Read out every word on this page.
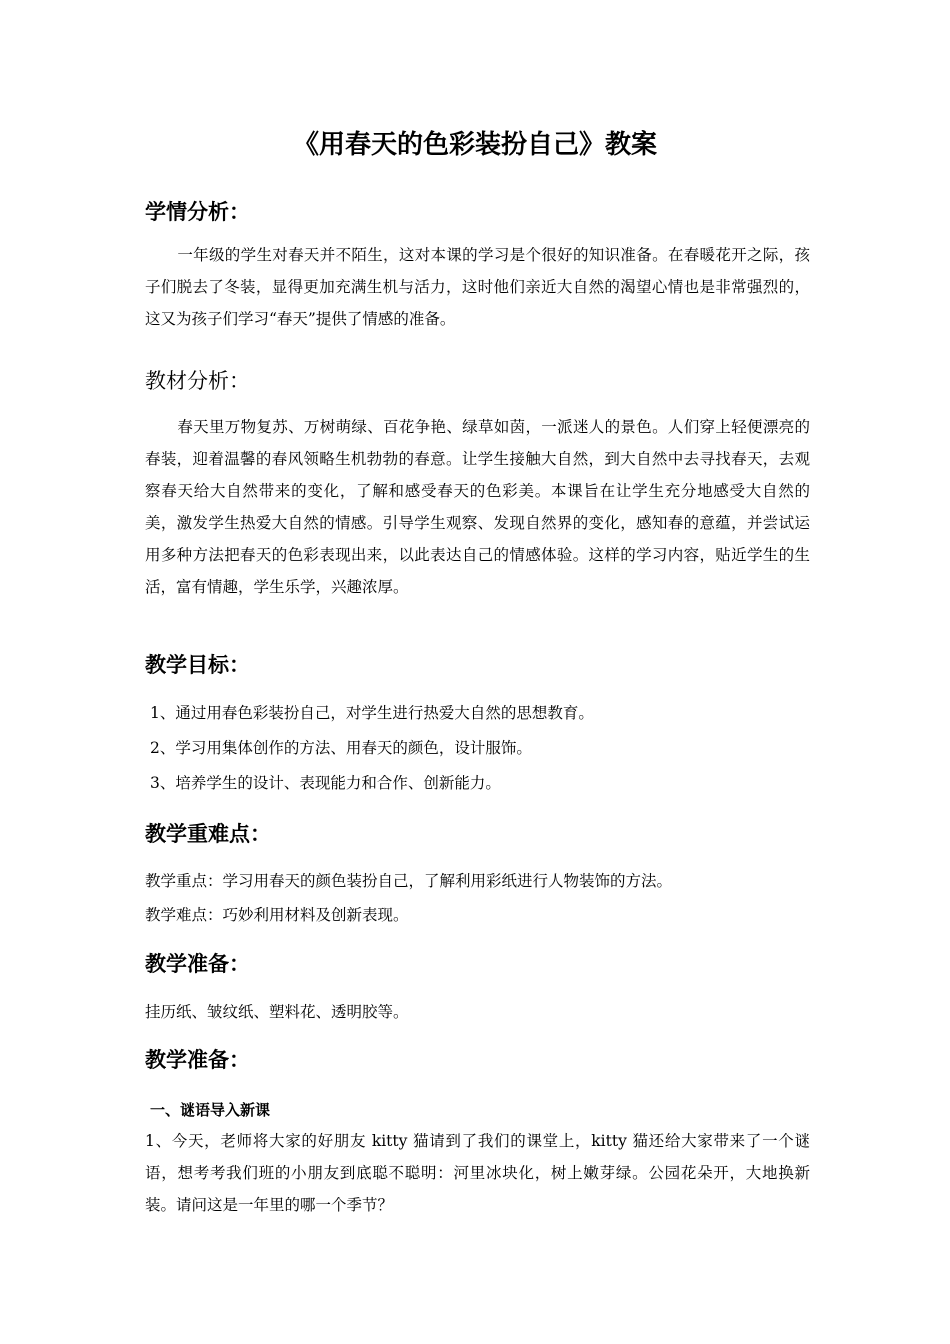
《用春天的色彩装扮自己》教案
学情分析：
一年级的学生对春天并不陌生，这对本课的学习是个很好的知识准备。在春暖花开之际，孩子们脱去了冬装，显得更加充满生机与活力，这时他们亲近大自然的渴望心情也是非常强烈的，这又为孩子们学习“春天”提供了情感的准备。
教材分析：
春天里万物复苏、万树萌绿、百花争艳、绿草如茵，一派迷人的景色。人们穿上轻便漂亮的春装，迎着温馨的春风领略生机勃勃的春意。让学生接触大自然，到大自然中去寻找春天，去观察春天给大自然带来的变化，了解和感受春天的色彩美。本课旨在让学生充分地感受大自然的美，激发学生热爱大自然的情感。引导学生观察、发现自然界的变化，感知春的意蕴，并尝试运用多种方法把春天的色彩表现出来，以此表达自己的情感体验。这样的学习内容，贴近学生的生活，富有情趣，学生乐学，兴趣浓厚。
教学目标：
1、通过用春色彩装扮自己，对学生进行热爱大自然的思想教育。
2、学习用集体创作的方法、用春天的颜色，设计服饰。
3、培养学生的设计、表现能力和合作、创新能力。
教学重难点：
教学重点：学习用春天的颜色装扮自己，了解利用彩纸进行人物装饰的方法。
教学难点：巧妙利用材料及创新表现。
教学准备：
挂历纸、皱纹纸、塑料花、透明胶等。
教学准备：
一、谜语导入新课
1、今天，老师将大家的好朋友 kitty 猫请到了我们的课堂上，kitty 猫还给大家带来了一个谜语，想考考我们班的小朋友到底聪不聪明：河里冰块化，树上嫩芽绿。公园花朵开，大地换新装。请问这是一年里的哪一个季节？
